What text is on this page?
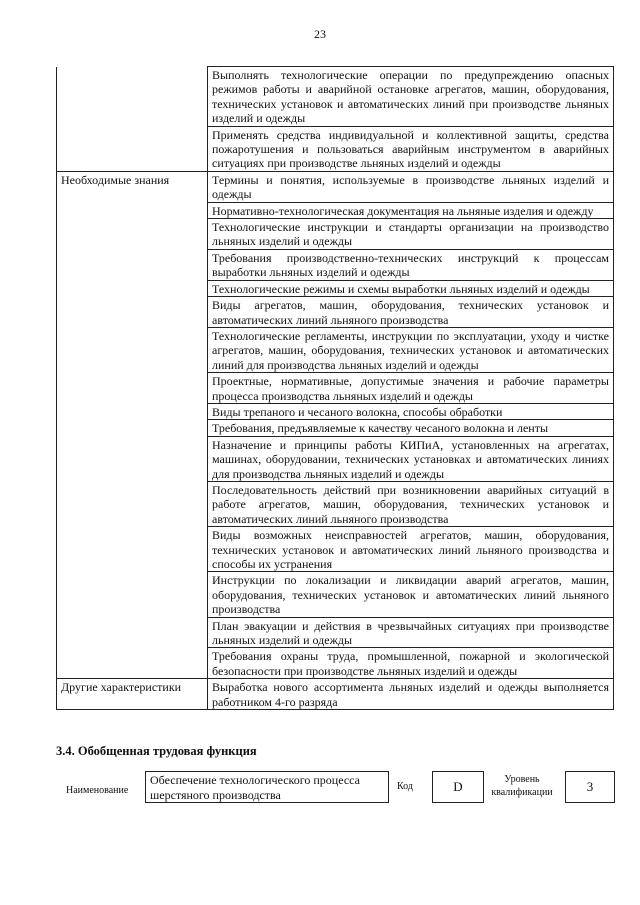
23
	Выполнять технологические операции по предупреждению опасных режимов работы и аварийной остановке агрегатов, машин, оборудования, технических установок и автоматических линий при производстве льняных изделий и одежды
	Применять средства индивидуальной и коллективной защиты, средства пожаротушения и пользоваться аварийным инструментом в аварийных ситуациях при производстве льняных изделий и одежды
Необходимые знания	Термины и понятия, используемые в производстве льняных изделий и одежды
	Нормативно-технологическая документация на льняные изделия и одежду
	Технологические инструкции и стандарты организации на производство льняных изделий и одежды
	Требования производственно-технических инструкций к процессам выработки льняных изделий и одежды
	Технологические режимы и схемы выработки льняных изделий и одежды
	Виды агрегатов, машин, оборудования, технических установок и автоматических линий льняного производства
	Технологические регламенты, инструкции по эксплуатации, уходу и чистке агрегатов, машин, оборудования, технических установок и автоматических линий для производства льняных изделий и одежды
	Проектные, нормативные, допустимые значения и рабочие параметры процесса производства льняных изделий и одежды
	Виды трепаного и чесаного волокна, способы обработки
	Требования, предъявляемые к качеству чесаного волокна и ленты
	Назначение и принципы работы КИПиА, установленных на агрегатах, машинах, оборудовании, технических установках и автоматических линиях для производства льняных изделий и одежды
	Последовательность действий при возникновении аварийных ситуаций в работе агрегатов, машин, оборудования, технических установок и автоматических линий льняного производства
	Виды возможных неисправностей агрегатов, машин, оборудования, технических установок и автоматических линий льняного производства и способы их устранения
	Инструкции по локализации и ликвидации аварий агрегатов, машин, оборудования, технических установок и автоматических линий льняного производства
	План эвакуации и действия в чрезвычайных ситуациях при производстве льняных изделий и одежды
	Требования охраны труда, промышленной, пожарной и экологической безопасности при производстве льняных изделий и одежды
Другие характеристики	Выработка нового ассортимента льняных изделий и одежды выполняется работником 4-го разряда
3.4. Обобщенная трудовая функция
Наименование
Обеспечение технологического процесса шерстяного производства
Код	D	Уровень квалификации	3
